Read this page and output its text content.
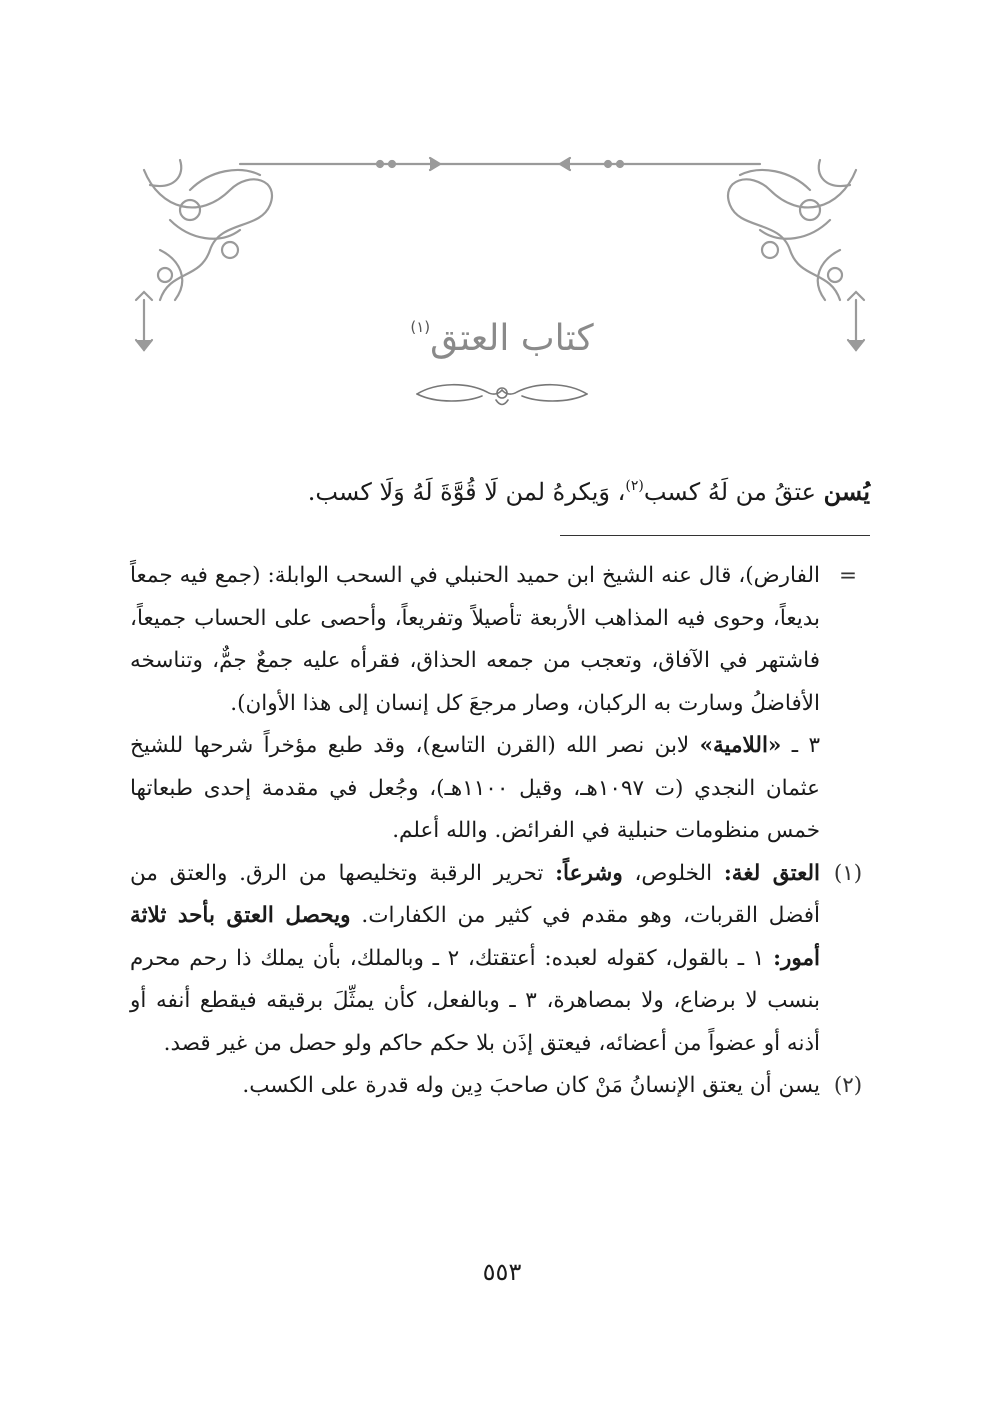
كتاب العتق$^{(١)}$

يُسن عتقُ من لَهُ كسب$^{(٢)}$، وَيكرهُ لمن لَا قُوَّةَ لَهُ وَلَا كسب.

=
الفارض)، قال عنه الشيخ ابن حميد الحنبلي في السحب الوابلة: (جمع فيه جمعاً بديعاً، وحوى فيه المذاهب الأربعة تأصيلاً وتفريعاً، وأحصى على الحساب جميعاً، فاشتهر في الآفاق، وتعجب من جمعه الحذاق، فقرأه عليه جمعٌ جمٌّ، وتناسخه الأفاضلُ وسارت به الركبان، وصار مرجعَ كل إنسان إلى هذا الأوان).

٣ ـ «اللامية» لابن نصر الله (القرن التاسع)، وقد طبع مؤخراً شرحها للشيخ عثمان النجدي (ت ١٠٩٧هـ، وقيل ١١٠٠هـ)، وجُعل في مقدمة إحدى طبعاتها خمس منظومات حنبلية في الفرائض. والله أعلم.

(١)
العتق لغة: الخلوص، وشرعاً: تحرير الرقبة وتخليصها من الرق. والعتق من أفضل القربات، وهو مقدم في كثير من الكفارات. ويحصل العتق بأحد ثلاثة أمور: ١ ـ بالقول، كقوله لعبده: أعتقتك، ٢ ـ وبالملك، بأن يملك ذا رحم محرم بنسب لا برضاع، ولا بمصاهرة، ٣ ـ وبالفعل، كأن يمثِّلَ برقيقه فيقطع أنفه أو أذنه أو عضواً من أعضائه، فيعتق إذَن بلا حكم حاكم ولو حصل من غير قصد.

(٢)
يسن أن يعتق الإنسانُ مَنْ كان صاحبَ دِين وله قدرة على الكسب.

٥٥٣
